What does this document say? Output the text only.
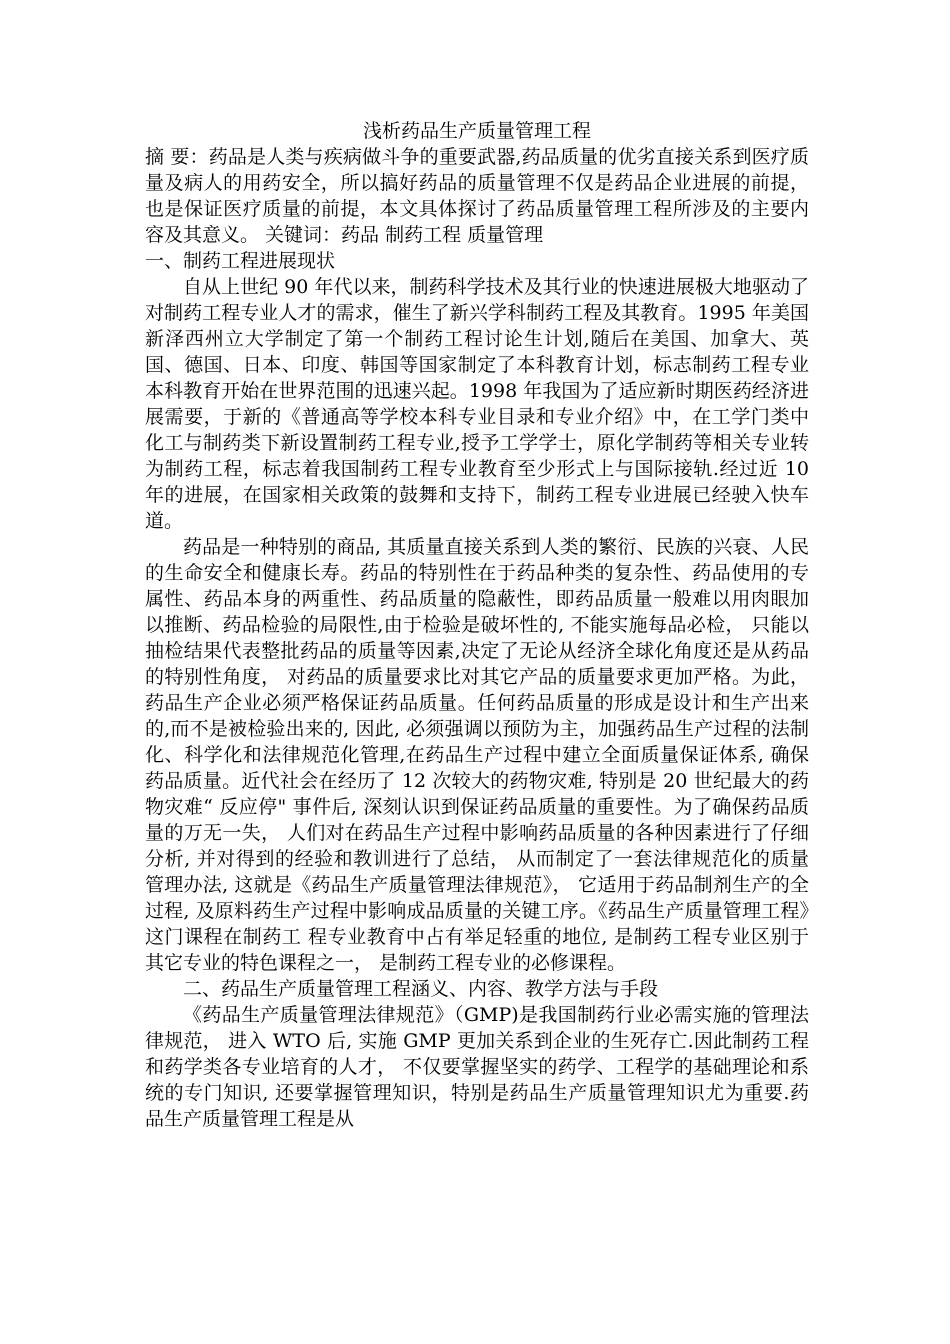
浅析药品生产质量管理工程

摘 要：药品是人类与疾病做斗争的重要武器,药品质量的优劣直接关系到医疗质量及病人的用药安全，所以搞好药品的质量管理不仅是药品企业进展的前提，也是保证医疗质量的前提，本文具体探讨了药品质量管理工程所涉及的主要内容及其意义。 关键词：药品 制药工程 质量管理

一、制药工程进展现状

自从上世纪 90 年代以来，制药科学技术及其行业的快速进展极大地驱动了对制药工程专业人才的需求，催生了新兴学科制药工程及其教育。1995 年美国新泽西州立大学制定了第一个制药工程讨论生计划,随后在美国、加拿大、英国、德国、日本、印度、韩国等国家制定了本科教育计划，标志制药工程专业本科教育开始在世界范围的迅速兴起。1998 年我国为了适应新时期医药经济进展需要，于新的《普通高等学校本科专业目录和专业介绍》中，在工学门类中化工与制药类下新设置制药工程专业,授予工学学士，原化学制药等相关专业转为制药工程，标志着我国制药工程专业教育至少形式上与国际接轨.经过近 10 年的进展，在国家相关政策的鼓舞和支持下，制药工程专业进展已经驶入快车道。

药品是一种特别的商品, 其质量直接关系到人类的繁衍、民族的兴衰、人民的生命安全和健康长寿。药品的特别性在于药品种类的复杂性、药品使用的专属性、药品本身的两重性、药品质量的隐蔽性，即药品质量一般难以用肉眼加以推断、药品检验的局限性,由于检验是破坏性的, 不能实施每品必检， 只能以抽检结果代表整批药品的质量等因素,决定了无论从经济全球化角度还是从药品的特别性角度， 对药品的质量要求比对其它产品的质量要求更加严格。为此， 药品生产企业必须严格保证药品质量。任何药品质量的形成是设计和生产出来的,而不是被检验出来的, 因此, 必须强调以预防为主，加强药品生产过程的法制化、科学化和法律规范化管理,在药品生产过程中建立全面质量保证体系, 确保药品质量。近代社会在经历了 12 次较大的药物灾难, 特别是 20 世纪最大的药物灾难“ 反应停" 事件后, 深刻认识到保证药品质量的重要性。为了确保药品质量的万无一失， 人们对在药品生产过程中影响药品质量的各种因素进行了仔细分析, 并对得到的经验和教训进行了总结， 从而制定了一套法律规范化的质量管理办法, 这就是《药品生产质量管理法律规范》， 它适用于药品制剂生产的全过程, 及原料药生产过程中影响成品质量的关键工序。《药品生产质量管理工程》这门课程在制药工 程专业教育中占有举足轻重的地位, 是制药工程专业区别于其它专业的特色课程之一， 是制药工程专业的必修课程。

二、药品生产质量管理工程涵义、内容、教学方法与手段

《药品生产质量管理法律规范》（GMP)是我国制药行业必需实施的管理法律规范， 进入 WTO 后, 实施 GMP 更加关系到企业的生死存亡.因此制药工程和药学类各专业培育的人才， 不仅要掌握坚实的药学、工程学的基础理论和系统的专门知识, 还要掌握管理知识，特别是药品生产质量管理知识尤为重要.药品生产质量管理工程是从
